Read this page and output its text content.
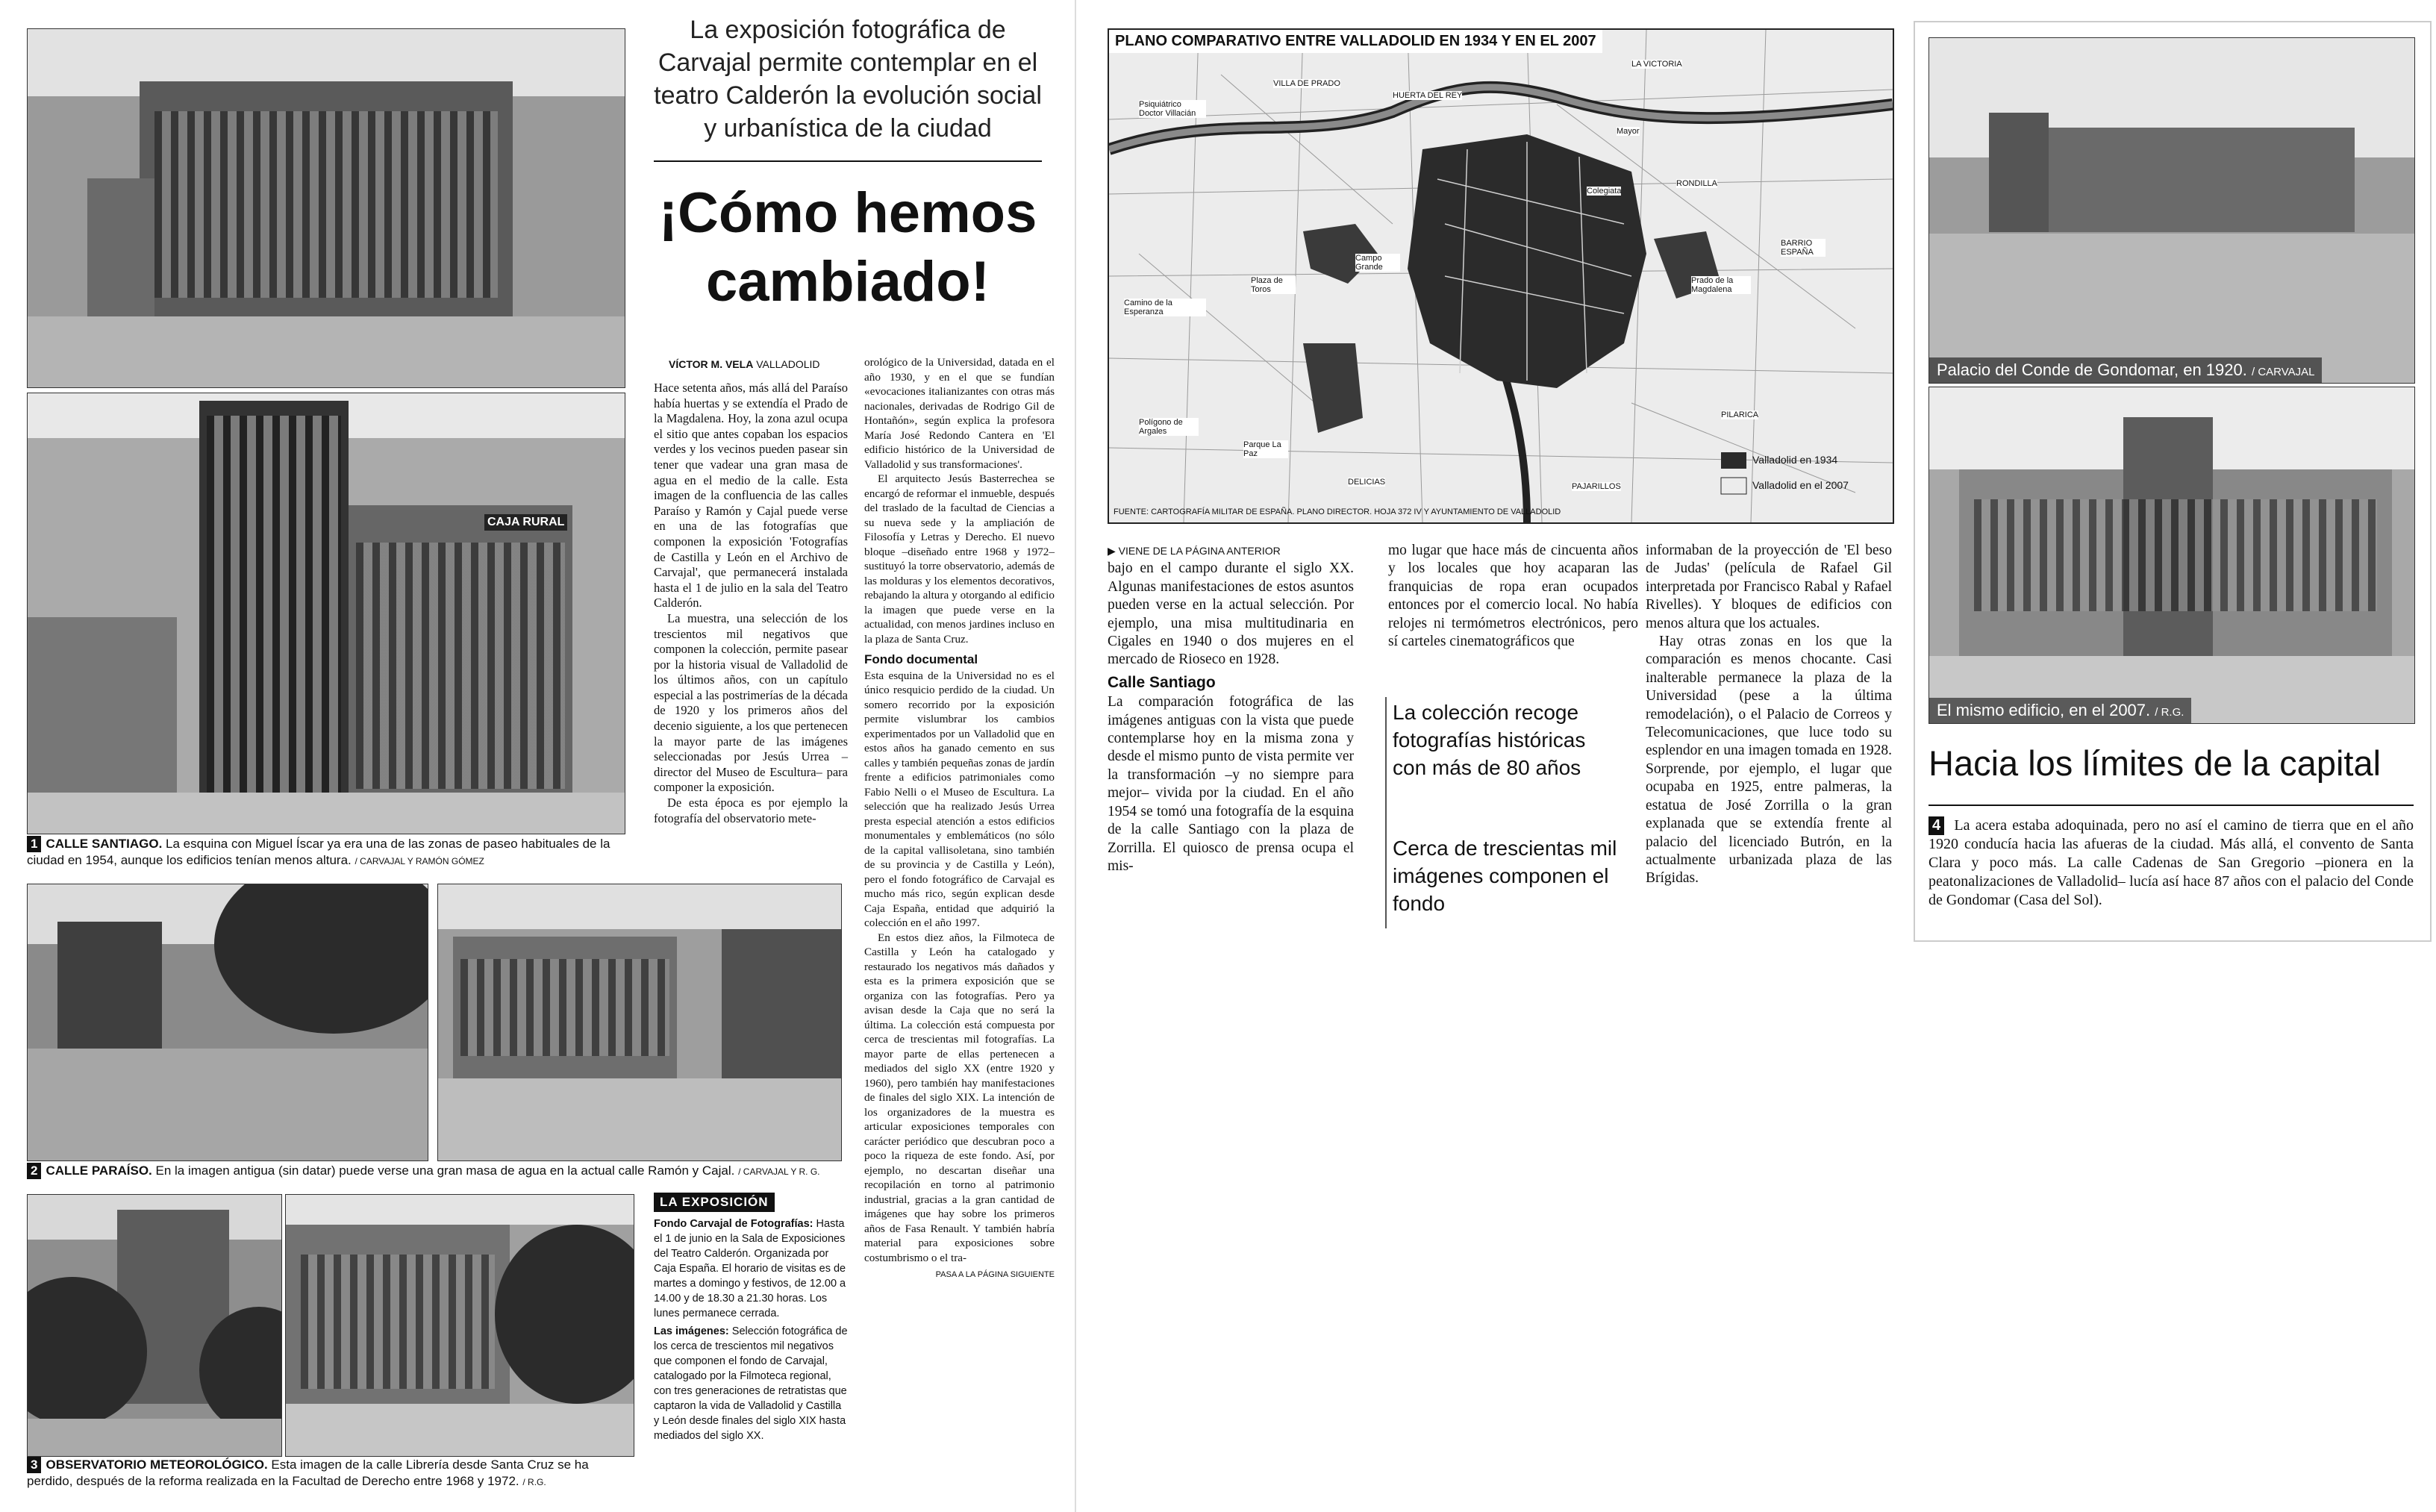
CAJA RURAL
1 CALLE SANTIAGO. La esquina con Miguel Íscar ya era una de las zonas de paseo habituales de la ciudad en 1954, aunque los edificios tenían menos altura. / CARVAJAL Y RAMÓN GÓMEZ
2 CALLE PARAÍSO. En la imagen antigua (sin datar) puede verse una gran masa de agua en la actual calle Ramón y Cajal. / CARVAJAL Y R. G.
3 OBSERVATORIO METEOROLÓGICO. Esta imagen de la calle Librería desde Santa Cruz se ha perdido, después de la reforma realizada en la Facultad de Derecho entre 1968 y 1972. / R.G.
La exposición fotográfica de Carvajal permite contemplar en el teatro Calderón la evolución social y urbanística de la ciudad
¡Cómo hemos cambiado!
VÍCTOR M. VELA VALLADOLID

Hace setenta años, más allá del Paraíso había huertas y se extendía el Prado de la Magdalena. Hoy, la zona azul ocupa el sitio que antes copaban los espacios verdes y los vecinos pueden pasear sin tener que vadear una gran masa de agua en el medio de la calle. Esta imagen de la confluencia de las calles Paraíso y Ramón y Cajal puede verse en una de las fotografías que componen la exposición 'Fotografías de Castilla y León en el Archivo de Carvajal', que permanecerá instalada hasta el 1 de julio en la sala del Teatro Calderón.

La muestra, una selección de los trescientos mil negativos que componen la colección, permite pasear por la historia visual de Valladolid de los últimos años, con un capítulo especial a las postrimerías de la década de 1920 y los primeros años del decenio siguiente, a los que pertenecen la mayor parte de las imágenes seleccionadas por Jesús Urrea –director del Museo de Escultura– para componer la exposición.

De esta época es por ejemplo la fotografía del observatorio mete-

orológico de la Universidad, datada en el año 1930, y en el que se fundían «evocaciones italianizantes con otras más nacionales, derivadas de Rodrigo Gil de Hontañón», según explica la profesora María José Redondo Cantera en 'El edificio histórico de la Universidad de Valladolid y sus transformaciones'.

El arquitecto Jesús Basterrechea se encargó de reformar el inmueble, después del traslado de la facultad de Ciencias a su nueva sede y la ampliación de Filosofía y Letras y Derecho. El nuevo bloque –diseñado entre 1968 y 1972– sustituyó la torre observatorio, además de las molduras y los elementos decorativos, rebajando la altura y otorgando al edificio la imagen que puede verse en la actualidad, con menos jardines incluso en la plaza de Santa Cruz.

Fondo documental

Esta esquina de la Universidad no es el único resquicio perdido de la ciudad. Un somero recorrido por la exposición permite vislumbrar los cambios experimentados por un Valladolid que en estos años ha ganado cemento en sus calles y también pequeñas zonas de jardín frente a edificios patrimoniales como Fabio Nelli o el Museo de Escultura. La selección que ha realizado Jesús Urrea presta especial atención a estos edificios monumentales y emblemáticos (no sólo de la capital vallisoletana, sino también de su provincia y de Castilla y León), pero el fondo fotográfico de Carvajal es mucho más rico, según explican desde Caja España, entidad que adquirió la colección en el año 1997.

En estos diez años, la Filmoteca de Castilla y León ha catalogado y restaurado los negativos más dañados y esta es la primera exposición que se organiza con las fotografías. Pero ya avisan desde la Caja que no será la última. La colección está compuesta por cerca de trescientas mil fotografías. La mayor parte de ellas pertenecen a mediados del siglo XX (entre 1920 y 1960), pero también hay manifestaciones de finales del siglo XIX. La intención de los organizadores de la muestra es articular exposiciones temporales con carácter periódico que descubran poco a poco la riqueza de este fondo. Así, por ejemplo, no descartan diseñar una recopilación en torno al patrimonio industrial, gracias a la gran cantidad de imágenes que hay sobre los primeros años de Fasa Renault. Y también habría material para exposiciones sobre costumbrismo o el tra-

PASA A LA PÁGINA SIGUIENTE
LA EXPOSICIÓN
Fondo Carvajal de Fotografías: Hasta el 1 de junio en la Sala de Exposiciones del Teatro Calderón. Organizada por Caja España. El horario de visitas es de martes a domingo y festivos, de 12.00 a 14.00 y de 18.30 a 21.30 horas. Los lunes permanece cerrada.
Las imágenes: Selección fotográfica de los cerca de trescientos mil negativos que componen el fondo de Carvajal, catalogado por la Filmoteca regional, con tres generaciones de retratistas que captaron la vida de Valladolid y Castilla y León desde finales del siglo XIX hasta mediados del siglo XX.
PLANO COMPARATIVO ENTRE VALLADOLID EN 1934 Y EN EL 2007
VILLA DE PRADO
HUERTA DEL REY
LA VICTORIA
Psiquiátrico Doctor Villacián
Mayor
Colegiata
RONDILLA
BARRIO ESPAÑA
Campo Grande
Plaza de Toros
Prado de la Magdalena
Camino de la Esperanza
Polígono de Argales
Parque La Paz
PILARICA
DELICIAS	PAJARILLOS
Valladolid en 1934
Valladolid en el 2007
FUENTE: CARTOGRAFÍA MILITAR DE ESPAÑA. PLANO DIRECTOR. HOJA 372 IV Y AYUNTAMIENTO DE VALLADOLID
▶ VIENE DE LA PÁGINA ANTERIOR

bajo en el campo durante el siglo XX. Algunas manifestaciones de estos asuntos pueden verse en la actual selección. Por ejemplo, una misa multitudinaria en Cigales en 1940 o dos mujeres en el mercado de Rioseco en 1928.

Calle Santiago

La comparación fotográfica de las imágenes antiguas con la vista que puede contemplarse hoy en la misma zona y desde el mismo punto de vista permite ver la transformación –y no siempre para mejor– vivida por la ciudad. En el año 1954 se tomó una fotografía de la esquina de la calle Santiago con la plaza de Zorrilla. El quiosco de prensa ocupa el mis-

mo lugar que hace más de cincuenta años y los locales que hoy acaparan las franquicias de ropa eran ocupados entonces por el comercio local. No había relojes ni termómetros electrónicos, pero sí carteles cinematográficos que

La colección recoge fotografías históricas con más de 80 años
Cerca de trescientas mil imágenes componen el fondo

informaban de la proyección de 'El beso de Judas' (película de Rafael Gil interpretada por Francisco Rabal y Rafael Rivelles). Y bloques de edificios con menos altura que los actuales.

Hay otras zonas en los que la comparación es menos chocante. Casi inalterable permanece la plaza de la Universidad (pese a la última remodelación), o el Palacio de Correos y Telecomunicaciones, que luce todo su esplendor en una imagen tomada en 1928. Sorprende, por ejemplo, el lugar que ocupaba en 1925, entre palmeras, la estatua de José Zorrilla o la gran explanada que se extendía frente al palacio del licenciado Butrón, en la actualmente urbanizada plaza de las Brígidas.

Palacio del Conde de Gondomar, en 1920. / CARVAJAL
El mismo edificio, en el 2007. / R.G.
Hacia los límites de la capital
4 La acera estaba adoquinada, pero no así el camino de tierra que en el año 1920 conducía hacia las afueras de la ciudad. Más allá, el convento de Santa Clara y poco más. La calle Cadenas de San Gregorio –pionera en la peatonalizaciones de Valladolid– lucía así hace 87 años con el palacio del Conde de Gondomar (Casa del Sol).
